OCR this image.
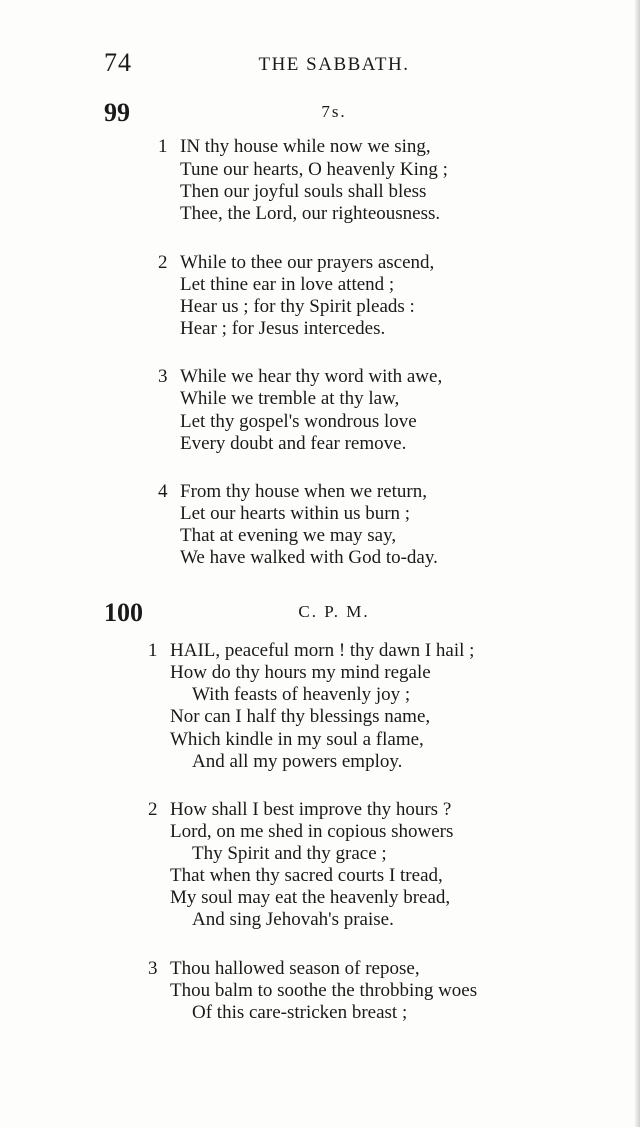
74	THE SABBATH.
99	7s.
1 IN thy house while now we sing,
Tune our hearts, O heavenly King ;
Then our joyful souls shall bless
Thee, the Lord, our righteousness.
2 While to thee our prayers ascend,
Let thine ear in love attend ;
Hear us ; for thy Spirit pleads :
Hear ; for Jesus intercedes.
3 While we hear thy word with awe,
While we tremble at thy law,
Let thy gospel's wondrous love
Every doubt and fear remove.
4 From thy house when we return,
Let our hearts within us burn ;
That at evening we may say,
We have walked with God to-day.
100	C. P. M.
1 HAIL, peaceful morn ! thy dawn I hail ;
How do thy hours my mind regale
With feasts of heavenly joy ;
Nor can I half thy blessings name,
Which kindle in my soul a flame,
And all my powers employ.
2 How shall I best improve thy hours ?
Lord, on me shed in copious showers
Thy Spirit and thy grace ;
That when thy sacred courts I tread,
My soul may eat the heavenly bread,
And sing Jehovah's praise.
3 Thou hallowed season of repose,
Thou balm to soothe the throbbing woes
Of this care-stricken breast ;
